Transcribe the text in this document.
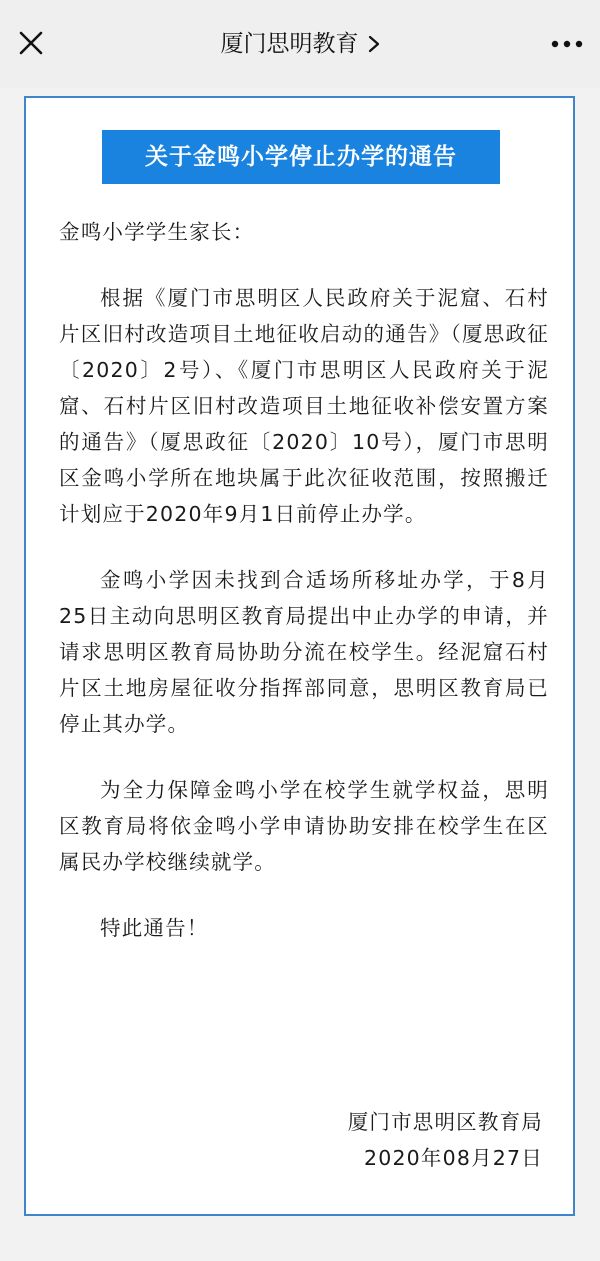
厦门思明教育
关于金鸣小学停止办学的通告

金鸣小学学生家长：

根据《厦门市思明区人民政府关于泥窟、石村片区旧村改造项目土地征收启动的通告》（厦思政征〔2020〕2号）、《厦门市思明区人民政府关于泥窟、石村片区旧村改造项目土地征收补偿安置方案的通告》（厦思政征〔2020〕10号），厦门市思明区金鸣小学所在地块属于此次征收范围，按照搬迁计划应于2020年9月1日前停止办学。

金鸣小学因未找到合适场所移址办学，于8月25日主动向思明区教育局提出中止办学的申请，并请求思明区教育局协助分流在校学生。经泥窟石村片区土地房屋征收分指挥部同意，思明区教育局已停止其办学。

为全力保障金鸣小学在校学生就学权益，思明区教育局将依金鸣小学申请协助安排在校学生在区属民办学校继续就学。

特此通告！

厦门市思明区教育局
2020年08月27日
